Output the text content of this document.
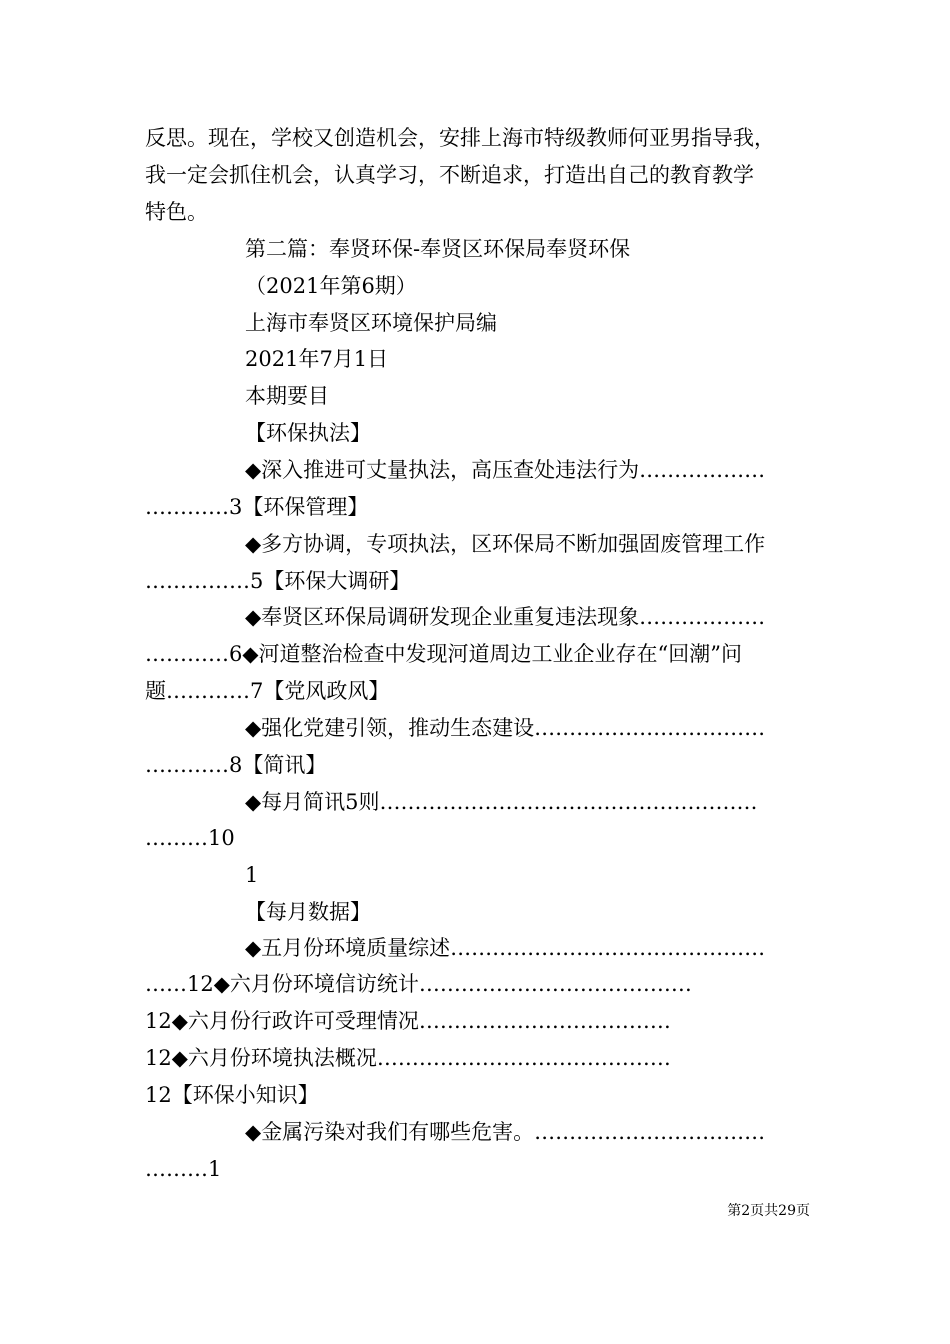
反思。现在，学校又创造机会，安排上海市特级教师何亚男指导我，
我一定会抓住机会，认真学习，不断追求，打造出自己的教育教学
特色。
第二篇：奉贤环保-奉贤区环保局奉贤环保
（2021年第6期）
上海市奉贤区环境保护局编
2021年7月1日
本期要目
【环保执法】
◆深入推进可丈量执法，高压查处违法行为………………
…………3【环保管理】
◆多方协调，专项执法，区环保局不断加强固废管理工作
……………5【环保大调研】
◆奉贤区环保局调研发现企业重复违法现象………………
…………6◆河道整治检查中发现河道周边工业企业存在“回潮”问
题…………7【党风政风】
◆强化党建引领，推动生态建设……………………………
…………8【简讯】
◆每月简讯5则………………………………………………
………10
1
【每月数据】
◆五月份环境质量综述………………………………………
……12◆六月份环境信访统计…………………………………
12◆六月份行政许可受理情况………………………………
12◆六月份环境执法概况……………………………………
12【环保小知识】
◆金属污染对我们有哪些危害。……………………………
………1
第2页共29页
